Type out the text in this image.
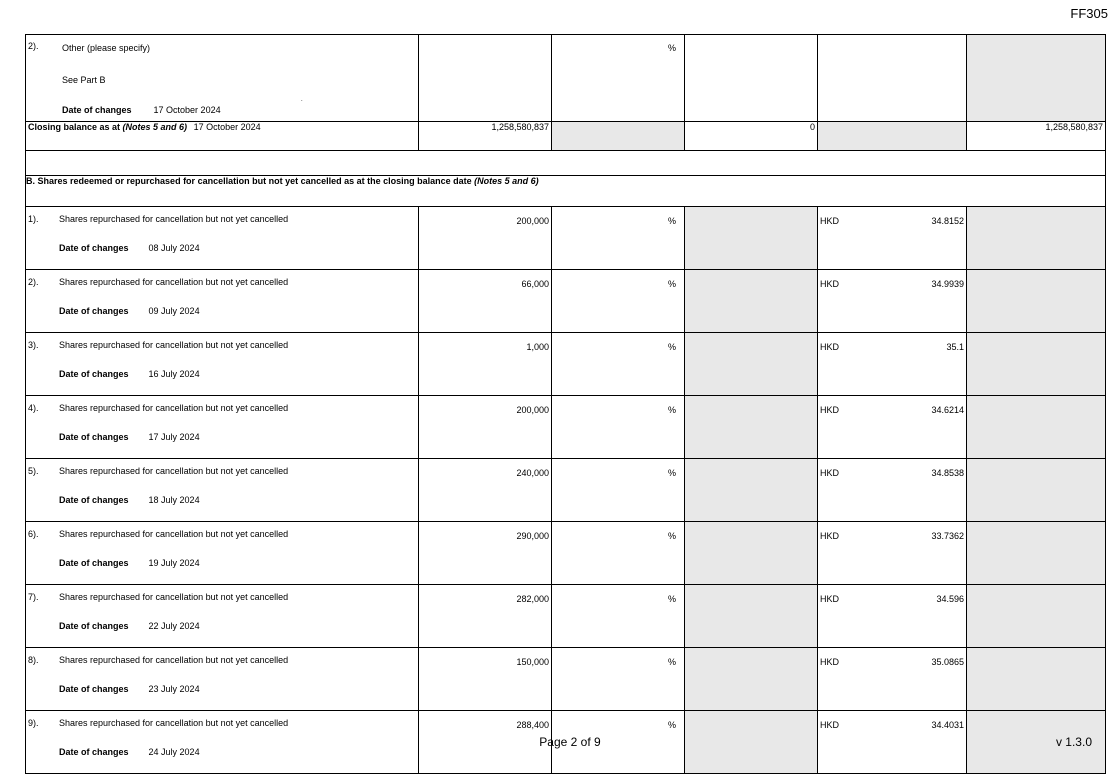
FF305
2). Other (please specify)
See Part B
Date of changes 17 October 2024
.		%			

Closing balance as at (Notes 5 and 6) 17 October 2024	1,258,580,837		0		1,258,580,837

B. Shares redeemed or repurchased for cancellation but not yet cancelled as at the closing balance date (Notes 5 and 6)					

1). Shares repurchased for cancellation but not yet cancelled
Date of changes 08 July 2024	200,000	%		HKD 34.8152	

2). Shares repurchased for cancellation but not yet cancelled
Date of changes 09 July 2024	66,000	%		HKD 34.9939	

3). Shares repurchased for cancellation but not yet cancelled
Date of changes 16 July 2024	1,000	%		HKD 35.1	

4). Shares repurchased for cancellation but not yet cancelled
Date of changes 17 July 2024	200,000	%		HKD 34.6214	

5). Shares repurchased for cancellation but not yet cancelled
Date of changes 18 July 2024	240,000	%		HKD 34.8538	

6). Shares repurchased for cancellation but not yet cancelled
Date of changes 19 July 2024	290,000	%		HKD 33.7362	

7). Shares repurchased for cancellation but not yet cancelled
Date of changes 22 July 2024	282,000	%		HKD 34.596	

8). Shares repurchased for cancellation but not yet cancelled
Date of changes 23 July 2024	150,000	%		HKD 35.0865	

9). Shares repurchased for cancellation but not yet cancelled
Date of changes 24 July 2024	288,400	%		HKD 34.4031	

Page 2 of 9	v 1.3.0
